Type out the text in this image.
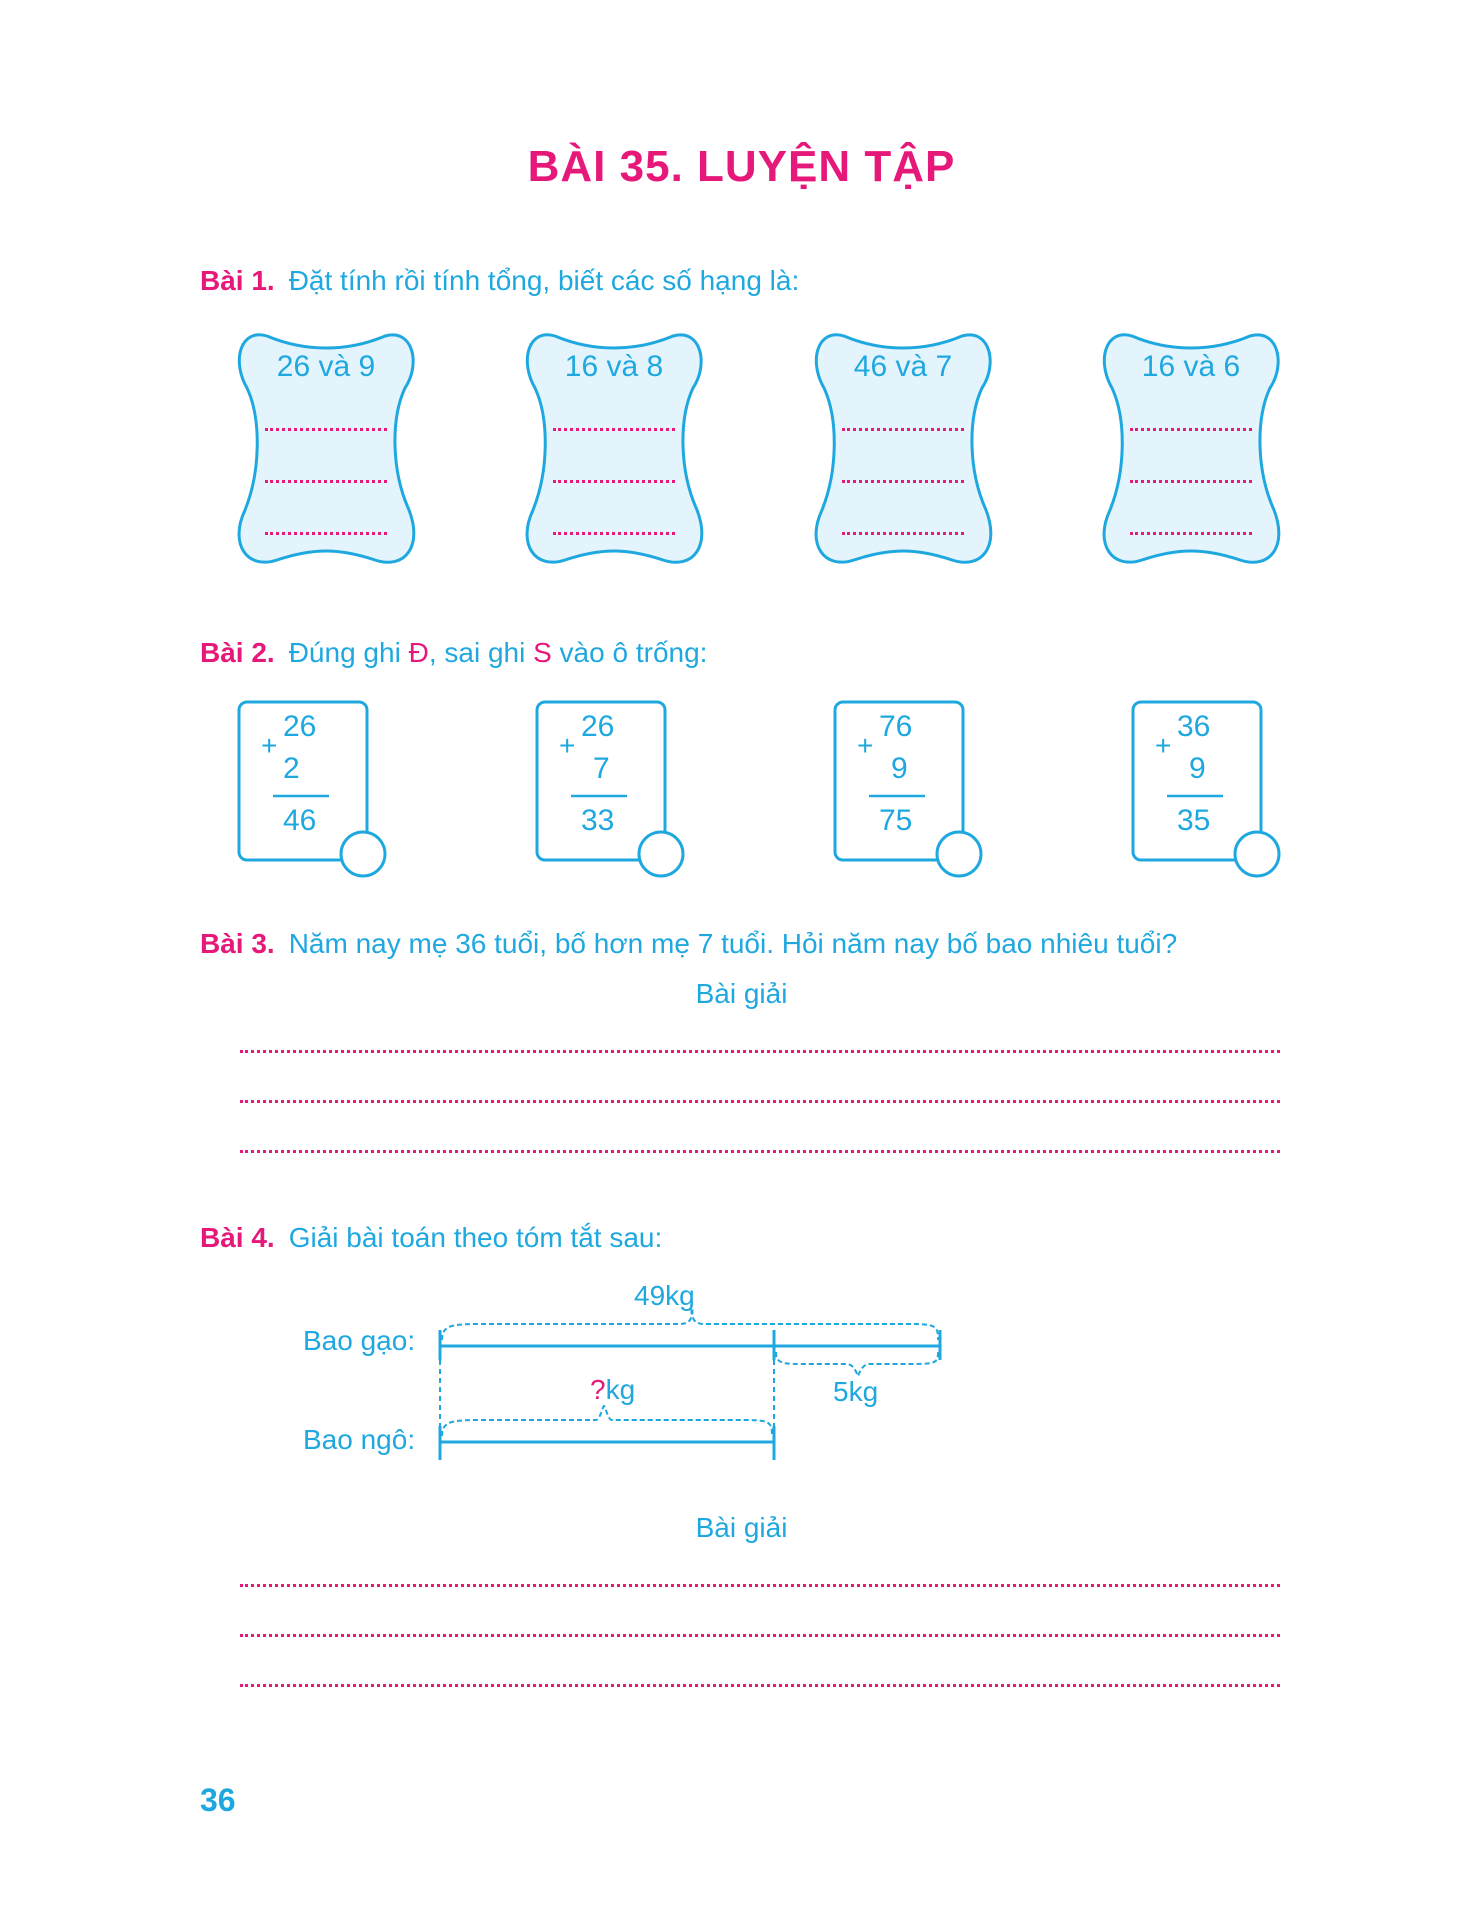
BÀI 35. LUYỆN TẬP
Bài 1. Đặt tính rồi tính tổng, biết các số hạng là:
26 và 9	16 và 8	46 và 7	16 và 6
Bài 2. Đúng ghi Đ, sai ghi S vào ô trống:
+
26
2
46
+
26
7
33
+
76
9
75
+
36
9
35
Bài 3. Năm nay mẹ 36 tuổi, bố hơn mẹ 7 tuổi. Hỏi năm nay bố bao nhiêu tuổi?
Bài giải
Bài 4. Giải bài toán theo tóm tắt sau:
Bao gạo:
Bao ngô:
49kg
5kg
?kg
Bài giải
36
